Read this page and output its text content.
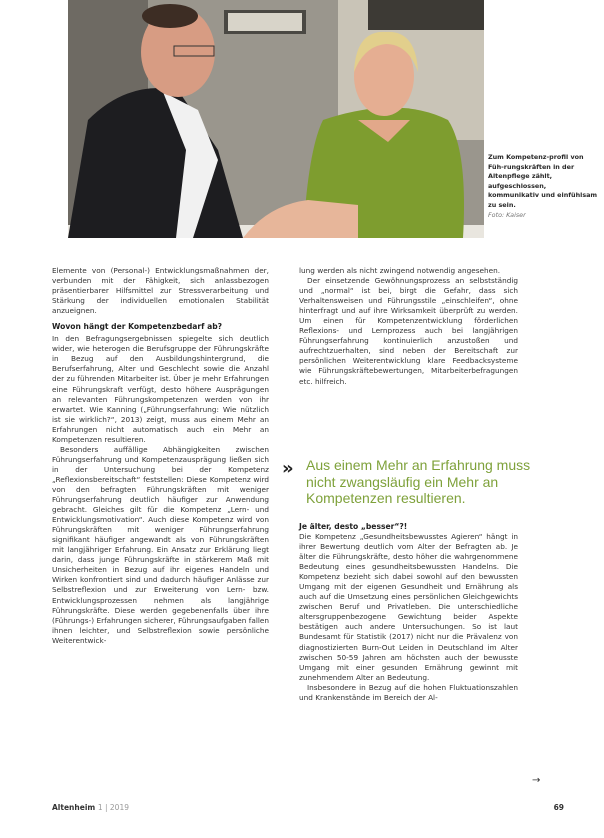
Zum Kompetenz-profil von Füh-rungskräften in der Altenpflege zählt, aufgeschlossen, kommunikativ und einfühlsam zu sein.
Foto: Kaiser

Elemente von (Personal-) Entwicklungsmaßnahmen der, verbunden mit der Fähigkeit, sich anlassbezogen präsentierbarer Hilfsmittel zur Stressverarbeitung und Stärkung der individuellen emotionalen Stabilität anzueignen.

Wovon hängt der Kompetenzbedarf ab?

In den Befragungsergebnissen spiegelte sich deutlich wider, wie heterogen die Berufsgruppe der Führungskräfte in Bezug auf den Ausbildungshintergrund, die Berufserfahrung, Alter und Geschlecht sowie die Anzahl der zu führenden Mitarbeiter ist. Über je mehr Erfahrungen eine Führungskraft verfügt, desto höhere Ausprägungen an relevanten Führungskompetenzen werden von ihr erwartet. Wie Kanning („Führungserfahrung: Wie nützlich ist sie wirklich?“, 2013) zeigt, muss aus einem Mehr an Erfahrungen nicht automatisch auch ein Mehr an Kompetenzen resultieren.

Besonders auffällige Abhängigkeiten zwischen Führungserfahrung und Kompetenzausprägung ließen sich in der Untersuchung bei der Kompetenz „Reflexionsbereitschaft“ feststellen: Diese Kompetenz wird von den befragten Führungskräften mit weniger Führungserfahrung deutlich häufiger zur Anwendung gebracht. Gleiches gilt für die Kompetenz „Lern- und Entwicklungsmotivation“. Auch diese Kompetenz wird von Führungskräften mit weniger Führungserfahrung signifikant häufiger angewandt als von Führungskräften mit langjähriger Erfahrung. Ein Ansatz zur Erklärung liegt darin, dass junge Führungskräfte in stärkerem Maß mit Unsicherheiten in Bezug auf ihr eigenes Handeln und Wirken konfrontiert sind und dadurch häufiger Anlässe zur Selbstreflexion und zur Erweiterung von Lern- bzw. Entwicklungsprozessen nehmen als langjährige Führungskräfte. Diese werden gegebenenfalls über ihre (Führungs-) Erfahrungen sicherer, Führungsaufgaben fallen ihnen leichter, und Selbstreflexion sowie persönliche Weiterentwick-

lung werden als nicht zwingend notwendig angesehen.

Der einsetzende Gewöhnungsprozess an selbstständig und „normal“ ist bei, birgt die Gefahr, dass sich Verhaltensweisen und Führungsstile „einschleifen“, ohne hinterfragt und auf ihre Wirksamkeit überprüft zu werden. Um einen für Kompetenzentwicklung förderlichen Reflexions- und Lernprozess auch bei langjährigen Führungserfahrung kontinuierlich anzustoßen und aufrechtzuerhalten, sind neben der Bereitschaft zur persönlichen Weiterentwicklung klare Feedbacksysteme wie Führungskräftebewertungen, Mitarbeiterbefragungen etc. hilfreich.

» Aus einem Mehr an Erfahrung muss nicht zwangsläufig ein Mehr an Kompetenzen resultieren.
Je älter, desto „besser“?!

Die Kompetenz „Gesundheitsbewusstes Agieren“ hängt in ihrer Bewertung deutlich vom Alter der Befragten ab. Je älter die Führungskräfte, desto höher die wahrgenommene Bedeutung eines gesundheitsbewussten Handelns. Die Kompetenz bezieht sich dabei sowohl auf den bewussten Umgang mit der eigenen Gesundheit und Ernährung als auch auf die Umsetzung eines persönlichen Gleichgewichts zwischen Beruf und Privatleben. Die unterschiedliche altersgruppenbezogene Gewichtung beider Aspekte bestätigen auch andere Untersuchungen. So ist laut Bundesamt für Statistik (2017) nicht nur die Prävalenz von diagnostizierten Burn-Out Leiden in Deutschland im Alter zwischen 50-59 Jahren am höchsten auch der bewusste Umgang mit einer gesunden Ernährung gewinnt mit zunehmendem Alter an Bedeutung.

Insbesondere in Bezug auf die hohen Fluktuationszahlen und Krankenstände im Bereich der Al-

→
Altenheim 1 | 2019	69
